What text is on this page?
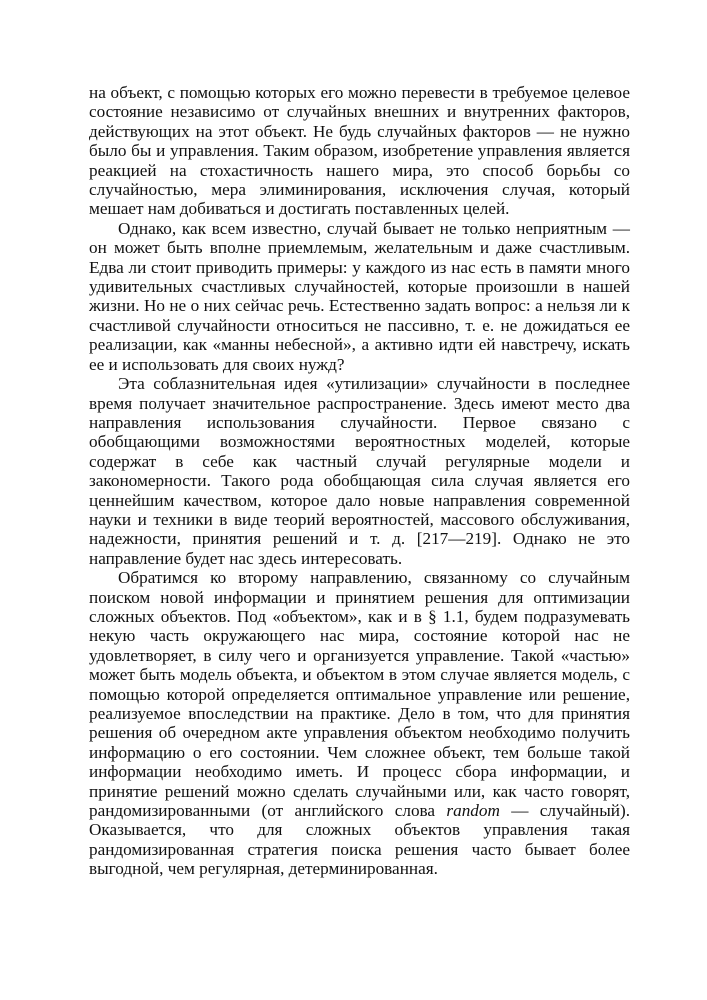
на объект, с помощью которых его можно перевести в требуемое целевое состояние независимо от случайных внешних и внутренних факторов, действующих на этот объект. Не будь случайных факторов — не нужно было бы и управления. Таким образом, изобретение управления является реакцией на стохастичность нашего мира, это способ борьбы со случайностью, мера элиминирования, исключения случая, который мешает нам добиваться и достигать поставленных целей.

Однако, как всем известно, случай бывает не только неприятным — он может быть вполне приемлемым, желательным и даже счастливым. Едва ли стоит приводить примеры: у каждого из нас есть в памяти много удивительных счастливых случайностей, которые произошли в нашей жизни. Но не о них сейчас речь. Естественно задать вопрос: а нельзя ли к счастливой случайности относиться не пассивно, т. е. не дожидаться ее реализации, как «манны небесной», а активно идти ей навстречу, искать ее и использовать для своих нужд?

Эта соблазнительная идея «утилизации» случайности в последнее время получает значительное распространение. Здесь имеют место два направления использования случайности. Первое связано с обобщающими возможностями вероятностных моделей, которые содержат в себе как частный случай регулярные модели и закономерности. Такого рода обобщающая сила случая является его ценнейшим качеством, которое дало новые направления современной науки и техники в виде теорий вероятностей, массового обслуживания, надежности, принятия решений и т. д. [217—219]. Однако не это направление будет нас здесь интересовать.

Обратимся ко второму направлению, связанному со случайным поиском новой информации и принятием решения для оптимизации сложных объектов. Под «объектом», как и в § 1.1, будем подразумевать некую часть окружающего нас мира, состояние которой нас не удовлетворяет, в силу чего и организуется управление. Такой «частью» может быть модель объекта, и объектом в этом случае является модель, с помощью которой определяется оптимальное управление или решение, реализуемое впоследствии на практике. Дело в том, что для принятия решения об очередном акте управления объектом необходимо получить информацию о его состоянии. Чем сложнее объект, тем больше такой информации необходимо иметь. И процесс сбора информации, и принятие решений можно сделать случайными или, как часто говорят, рандомизированными (от английского слова random — случайный). Оказывается, что для сложных объектов управления такая рандомизированная стратегия поиска решения часто бывает более выгодной, чем регулярная, детерминированная.
